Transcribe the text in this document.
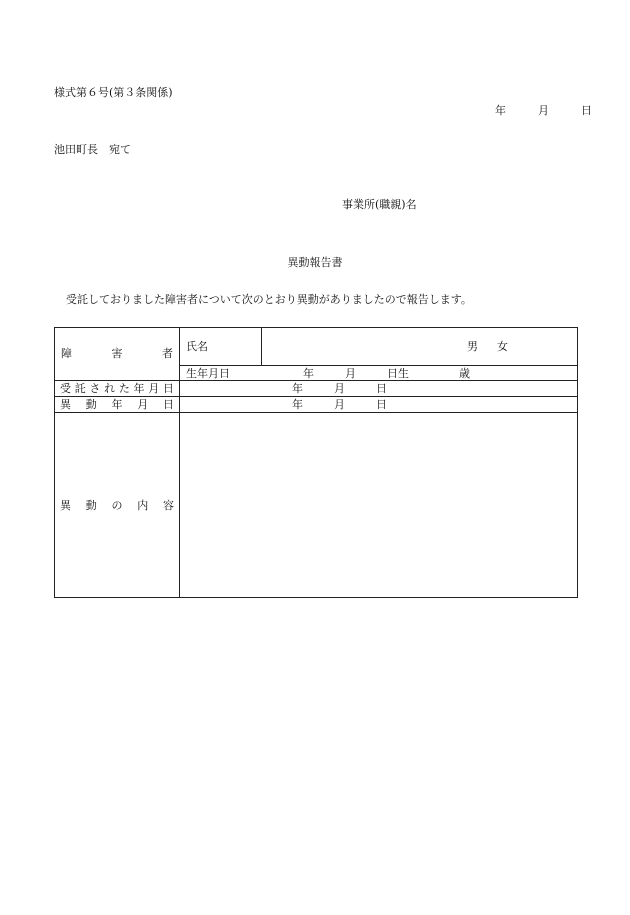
様式第６号(第３条関係)
年	月	日
池田町長　宛て
事業所(職親)名
異動報告書
受託しておりました障害者について次のとおり異動がありましたので報告します。
障	害	者
氏名	男 女
生年月日	年	月	日生	歳
受 託 さ れ た 年 月 日	年	月	日
異 動 年 月 日	年	月	日
異 動 の 内 容
